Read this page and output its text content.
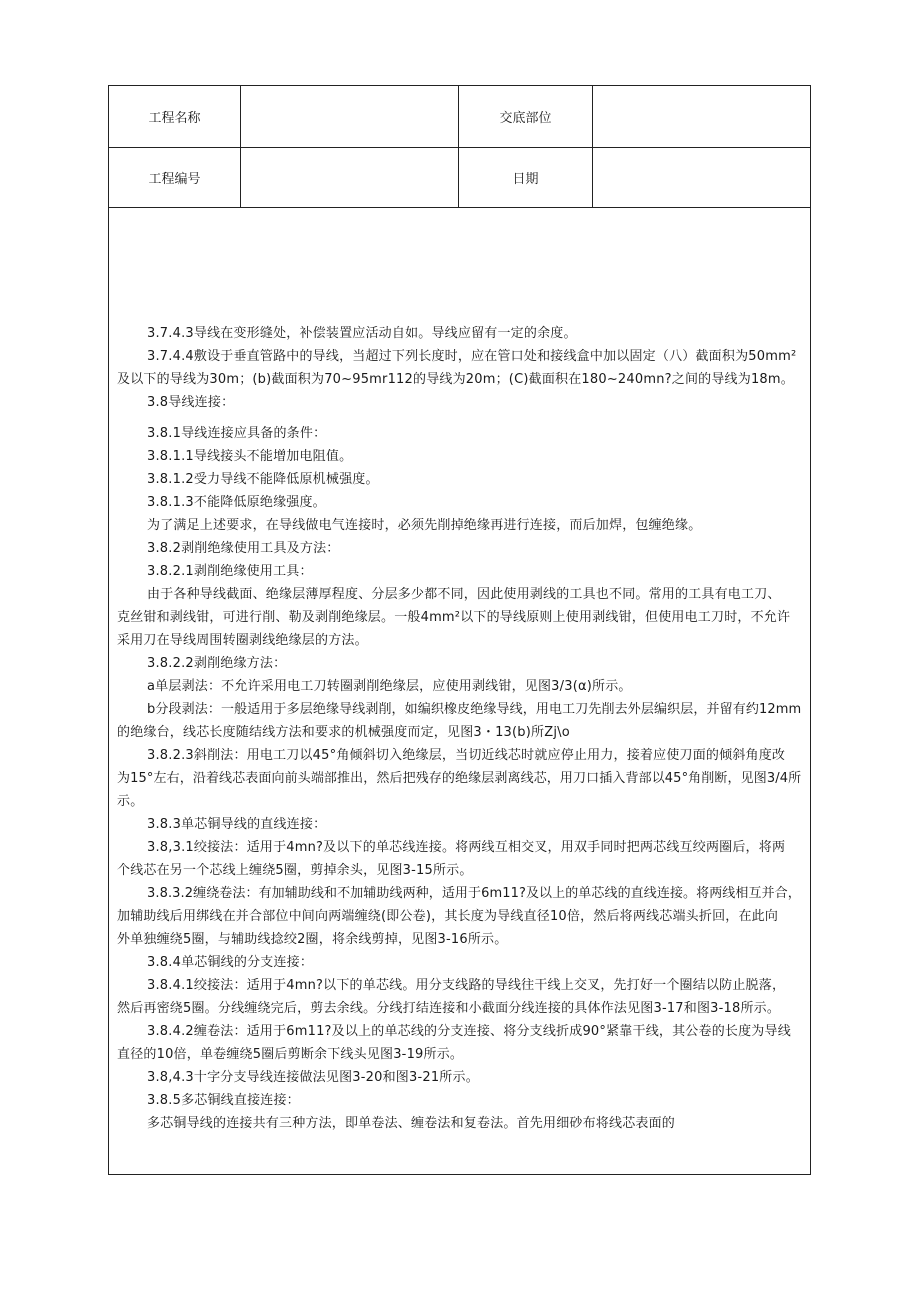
工程名称	交底部位
工程编号	日期

3.7.4.3导线在变形缝处，补偿装置应活动自如。导线应留有一定的余度。

3.7.4.4敷设于垂直管路中的导线，当超过下列长度时，应在管口处和接线盒中加以固定（八）截面积为50mm²

及以下的导线为30m；(b)截面积为70~95mr112的导线为20m；(C)截面积在180~240mn?之间的导线为18m。

3.8导线连接：

3.8.1导线连接应具备的条件：

3.8.1.1导线接头不能增加电阻值。

3.8.1.2受力导线不能降低原机械强度。

3.8.1.3不能降低原绝缘强度。

为了满足上述要求，在导线做电气连接时，必须先削掉绝缘再进行连接，而后加焊，包缠绝缘。

3.8.2剥削绝缘使用工具及方法：

3.8.2.1剥削绝缘使用工具：

由于各种导线截面、绝缘层薄厚程度、分层多少都不同，因此使用剥线的工具也不同。常用的工具有电工刀、

克丝钳和剥线钳，可进行削、勒及剥削绝缘层。一般4mm²以下的导线原则上使用剥线钳，但使用电工刀时，不允许

采用刀在导线周围转圈剥线绝缘层的方法。

3.8.2.2剥削绝缘方法：

a单层剥法：不允许采用电工刀转圈剥削绝缘层，应使用剥线钳，见图3/3(α)所示。

b分段剥法：一般适用于多层绝缘导线剥削，如编织橡皮绝缘导线，用电工刀先削去外层编织层，并留有约12mm

的绝缘台，线芯长度随结线方法和要求的机械强度而定，见图3・13(b)所Zj\o

3.8.2.3斜削法：用电工刀以45°角倾斜切入绝缘层，当切近线芯时就应停止用力，接着应使刀面的倾斜角度改

为15°左右，沿着线芯表面向前头端部推出，然后把残存的绝缘层剥离线芯，用刀口插入背部以45°角削断，见图3/4所

示。

3.8.3单芯铜导线的直线连接：

3.8,3.1绞接法：适用于4mn?及以下的单芯线连接。将两线互相交叉，用双手同时把两芯线互绞两圈后，将两

个线芯在另一个芯线上缠绕5圈，剪掉余头，见图3-15所示。

3.8.3.2缠绕卷法：有加辅助线和不加辅助线两种，适用于6m11?及以上的单芯线的直线连接。将两线相互并合，

加辅助线后用绑线在并合部位中间向两端缠绕(即公卷)，其长度为导线直径10倍，然后将两线芯端头折回，在此向

外单独缠绕5圈，与辅助线捻绞2圈，将余线剪掉，见图3-16所示。

3.8.4单芯铜线的分支连接：

3.8.4.1绞接法：适用于4mn?以下的单芯线。用分支线路的导线往干线上交叉，先打好一个圈结以防止脱落，

然后再密绕5圈。分线缠绕完后，剪去余线。分线打结连接和小截面分线连接的具体作法见图3-17和图3-18所示。

3.8.4.2缠卷法：适用于6m11?及以上的单芯线的分支连接、将分支线折成90°紧靠干线，其公卷的长度为导线

直径的10倍，单卷缠绕5圈后剪断余下线头见图3-19所示。

3.8,4.3十字分支导线连接做法见图3-20和图3-21所示。

3.8.5多芯铜线直接连接：

多芯铜导线的连接共有三种方法，即单卷法、缠卷法和复卷法。首先用细砂布将线芯表面的
